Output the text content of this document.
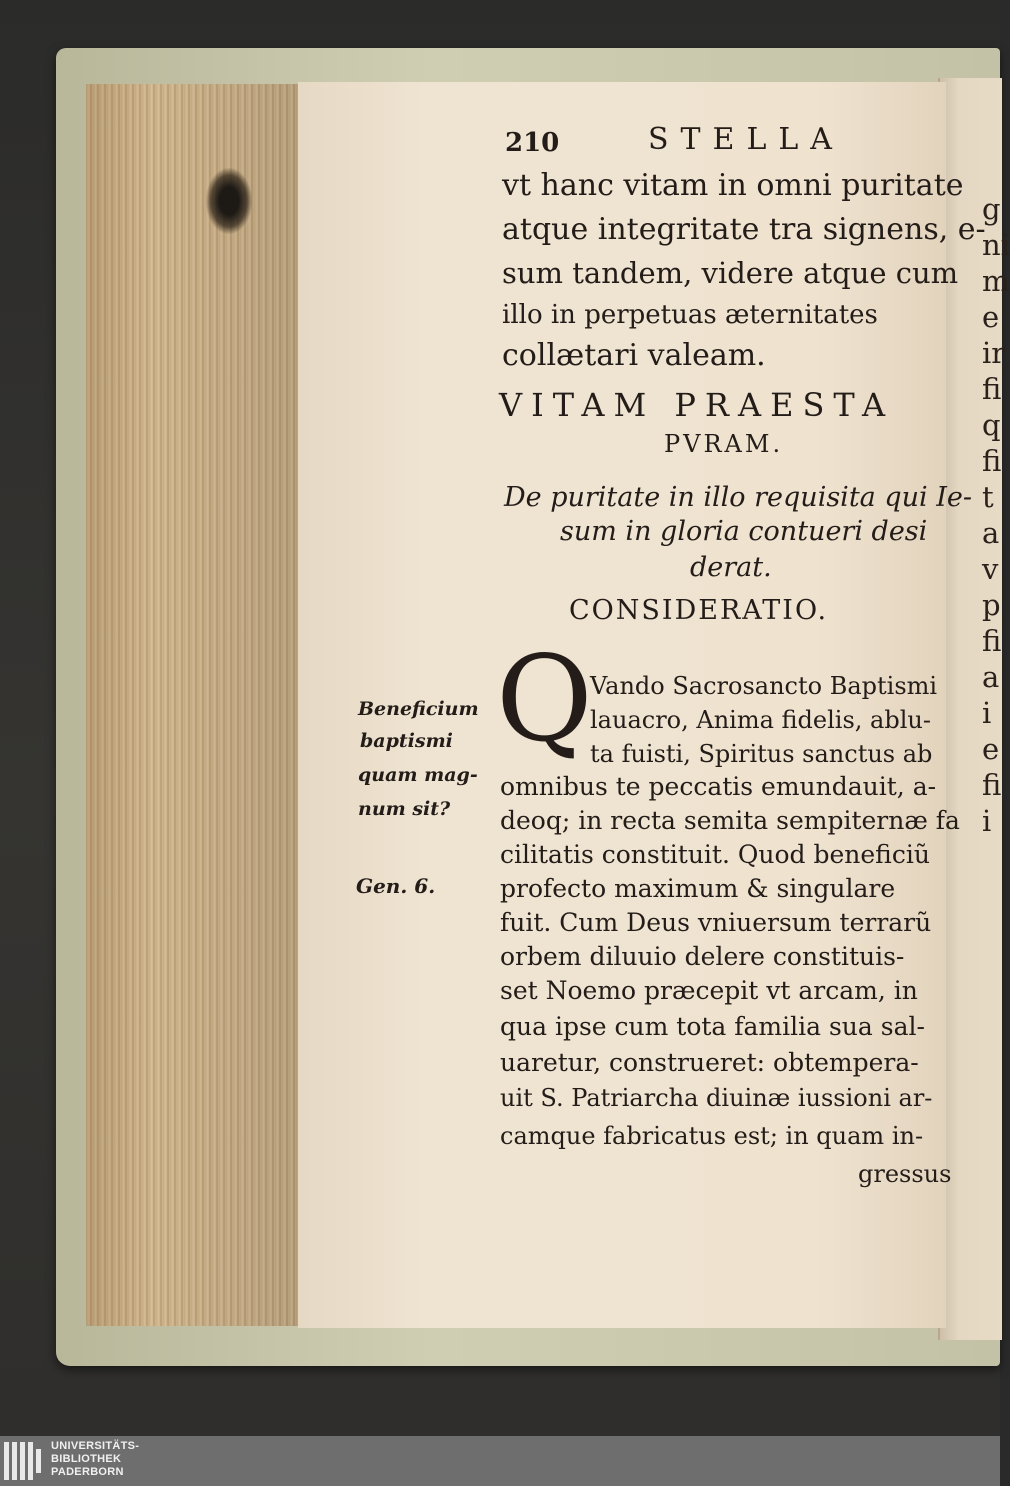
g
ni
m
e
ir
fi
q
fi
t
a
v
p
fi
a
i
e
fi
i
210	STELLA
vt hanc vitam in omni puritate
atque integritate tra signens, e-
sum tandem, videre atque cum
illo in perpetuas æternitates
collætari valeam.
VITAM PRAESTA
PVRAM.
De puritate in illo requisita qui Ie-
sum in gloria contueri desi
derat.
CONSIDERATIO.
Q
Vando Sacrosancto Baptismi
lauacro, Anima fidelis, ablu-
ta fuisti, Spiritus sanctus ab
omnibus te peccatis emundauit, a-
deoq; in recta semita sempiternæ fa
cilitatis constituit. Quod beneficiũ
profecto maximum & singulare
fuit. Cum Deus vniuersum terrarũ
orbem diluuio delere constituis-
set Noemo præcepit vt arcam, in
qua ipse cum tota familia sua sal-
uaretur, construeret: obtempera-
uit S. Patriarcha diuinæ iussioni ar-
camque fabricatus est; in quam in-
gressus
Beneficium
baptismi
quam mag-
num sit?
Gen. 6.
UNIVERSITÄTS-
BIBLIOTHEK
PADERBORN
